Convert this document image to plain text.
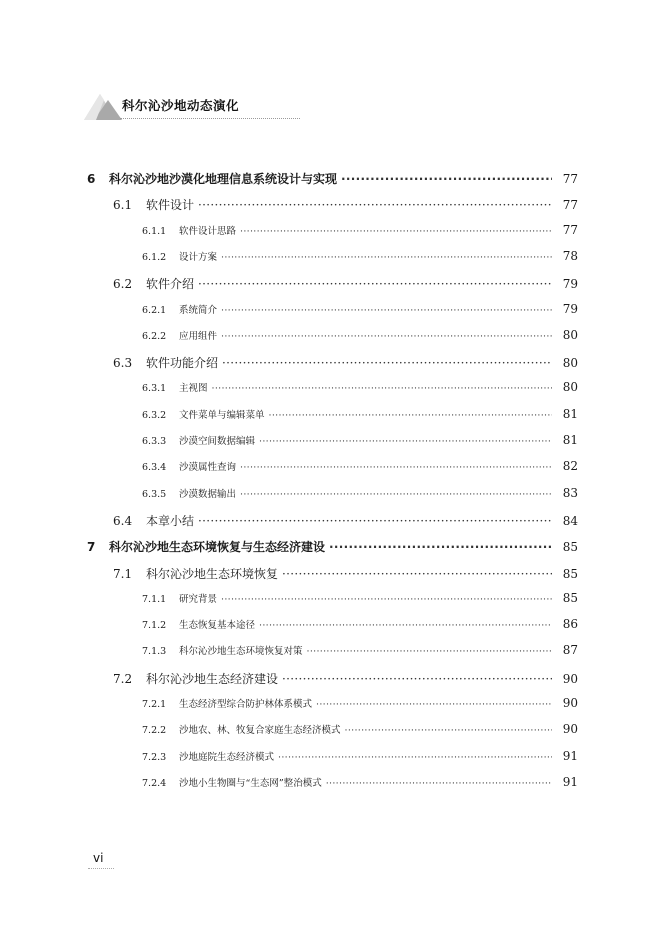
科尔沁沙地动态演化
6	科尔沁沙地沙漠化地理信息系统设计与实现 ·····	77
6.1	软件设计 ·····	77
6.1.1	软件设计思路 ·····	77
6.1.2	设计方案 ·····	78
6.2	软件介绍 ·····	79
6.2.1	系统简介 ·····	79
6.2.2	应用组件 ·····	80
6.3	软件功能介绍 ·····	80
6.3.1	主视图 ·····	80
6.3.2	文件菜单与编辑菜单 ·····	81
6.3.3	沙漠空间数据编辑 ·····	81
6.3.4	沙漠属性查询 ·····	82
6.3.5	沙漠数据输出 ·····	83
6.4	本章小结 ·····	84
7	科尔沁沙地生态环境恢复与生态经济建设 ·····	85
7.1	科尔沁沙地生态环境恢复 ·····	85
7.1.1	研究背景 ·····	85
7.1.2	生态恢复基本途径 ·····	86
7.1.3	科尔沁沙地生态环境恢复对策 ·····	87
7.2	科尔沁沙地生态经济建设 ·····	90
7.2.1	生态经济型综合防护林体系模式 ·····	90
7.2.2	沙地农、林、牧复合家庭生态经济模式 ·····	90
7.2.3	沙地庭院生态经济模式 ·····	91
7.2.4	沙地小生物圈与“生态网”整治模式 ·····	91
vi
